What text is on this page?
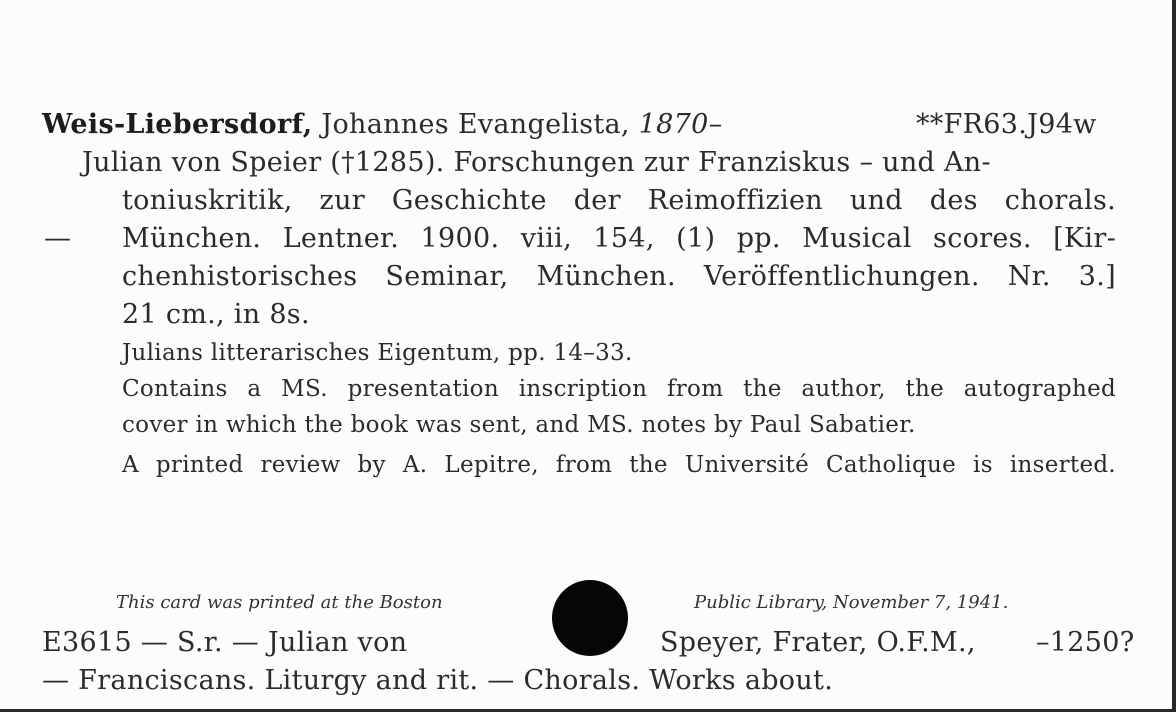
Weis-Liebersdorf, Johannes Evangelista, 1870–	**FR63.J94w
Julian von Speier (†1285). Forschungen zur Franziskus – und An-
toniuskritik, zur Geschichte der Reimoffizien und des chorals.
— München. Lentner. 1900. viii, 154, (1) pp. Musical scores. [Kir-
chenhistorisches Seminar, München. Veröffentlichungen. Nr. 3.]
21 cm., in 8s.
Julians litterarisches Eigentum, pp. 14–33.
Contains a MS. presentation inscription from the author, the autographed
cover in which the book was sent, and MS. notes by Paul Sabatier.
A printed review by A. Lepitre, from the Université Catholique is inserted.
This card was printed at the Boston	Public Library, November 7, 1941.
E3615 — S.r. — Julian von	Speyer, Frater, O.F.M., –1250?
— Franciscans. Liturgy and rit. — Chorals. Works about.
